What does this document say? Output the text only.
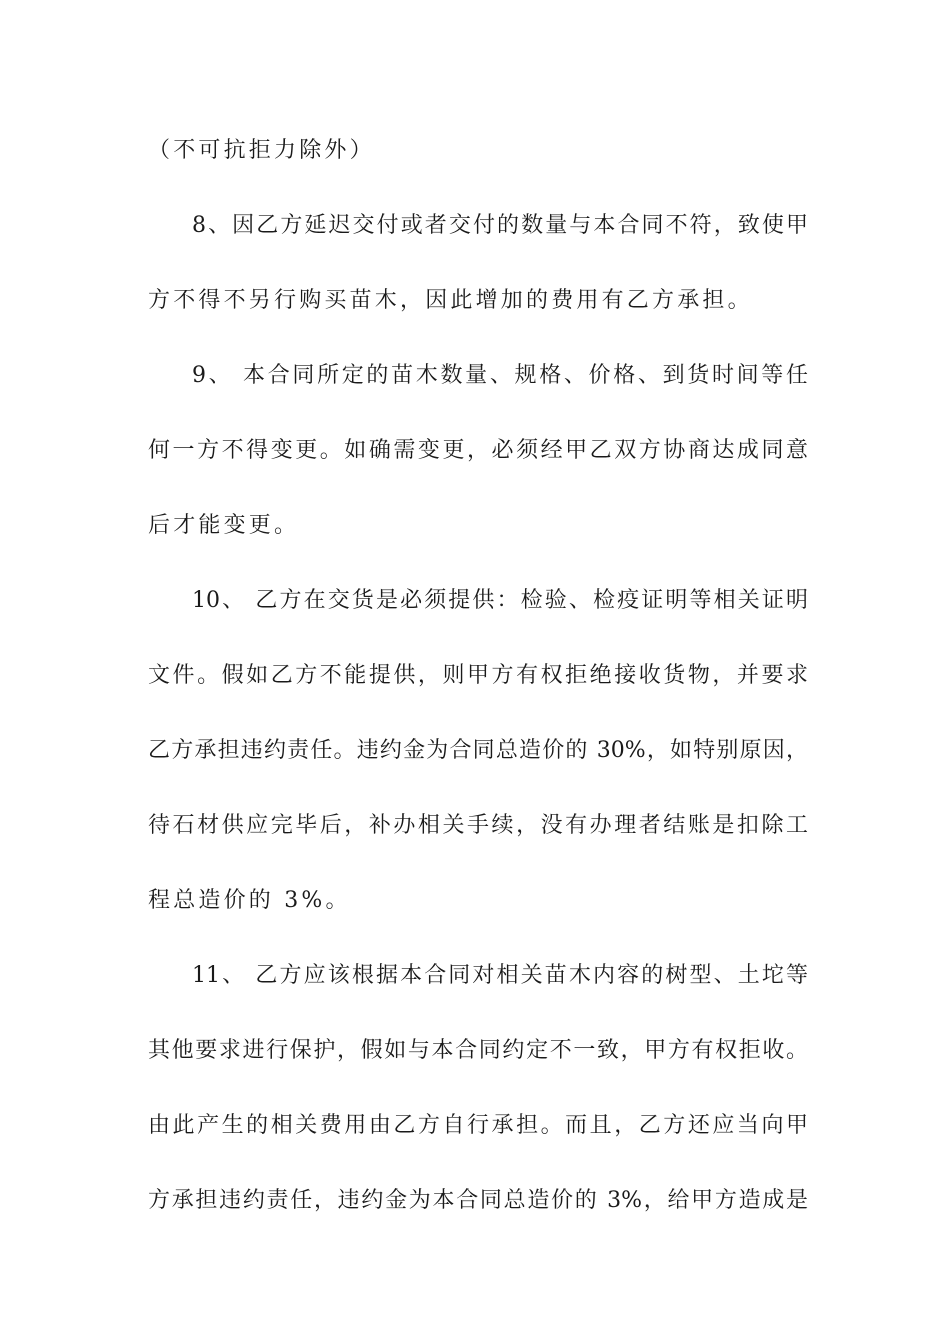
（不可抗拒力除外）
8、因乙方延迟交付或者交付的数量与本合同不符，致使甲
方不得不另行购买苗木，因此增加的费用有乙方承担。
9、 本合同所定的苗木数量、规格、价格、到货时间等任
何一方不得变更。如确需变更，必须经甲乙双方协商达成同意
后才能变更。
10、 乙方在交货是必须提供：检验、检疫证明等相关证明
文件。假如乙方不能提供，则甲方有权拒绝接收货物，并要求
乙方承担违约责任。违约金为合同总造价的 30%，如特别原因，
待石材供应完毕后，补办相关手续，没有办理者结账是扣除工
程总造价的 3%。
11、 乙方应该根据本合同对相关苗木内容的树型、土坨等
其他要求进行保护，假如与本合同约定不一致，甲方有权拒收。
由此产生的相关费用由乙方自行承担。而且，乙方还应当向甲
方承担违约责任，违约金为本合同总造价的 3%，给甲方造成是
